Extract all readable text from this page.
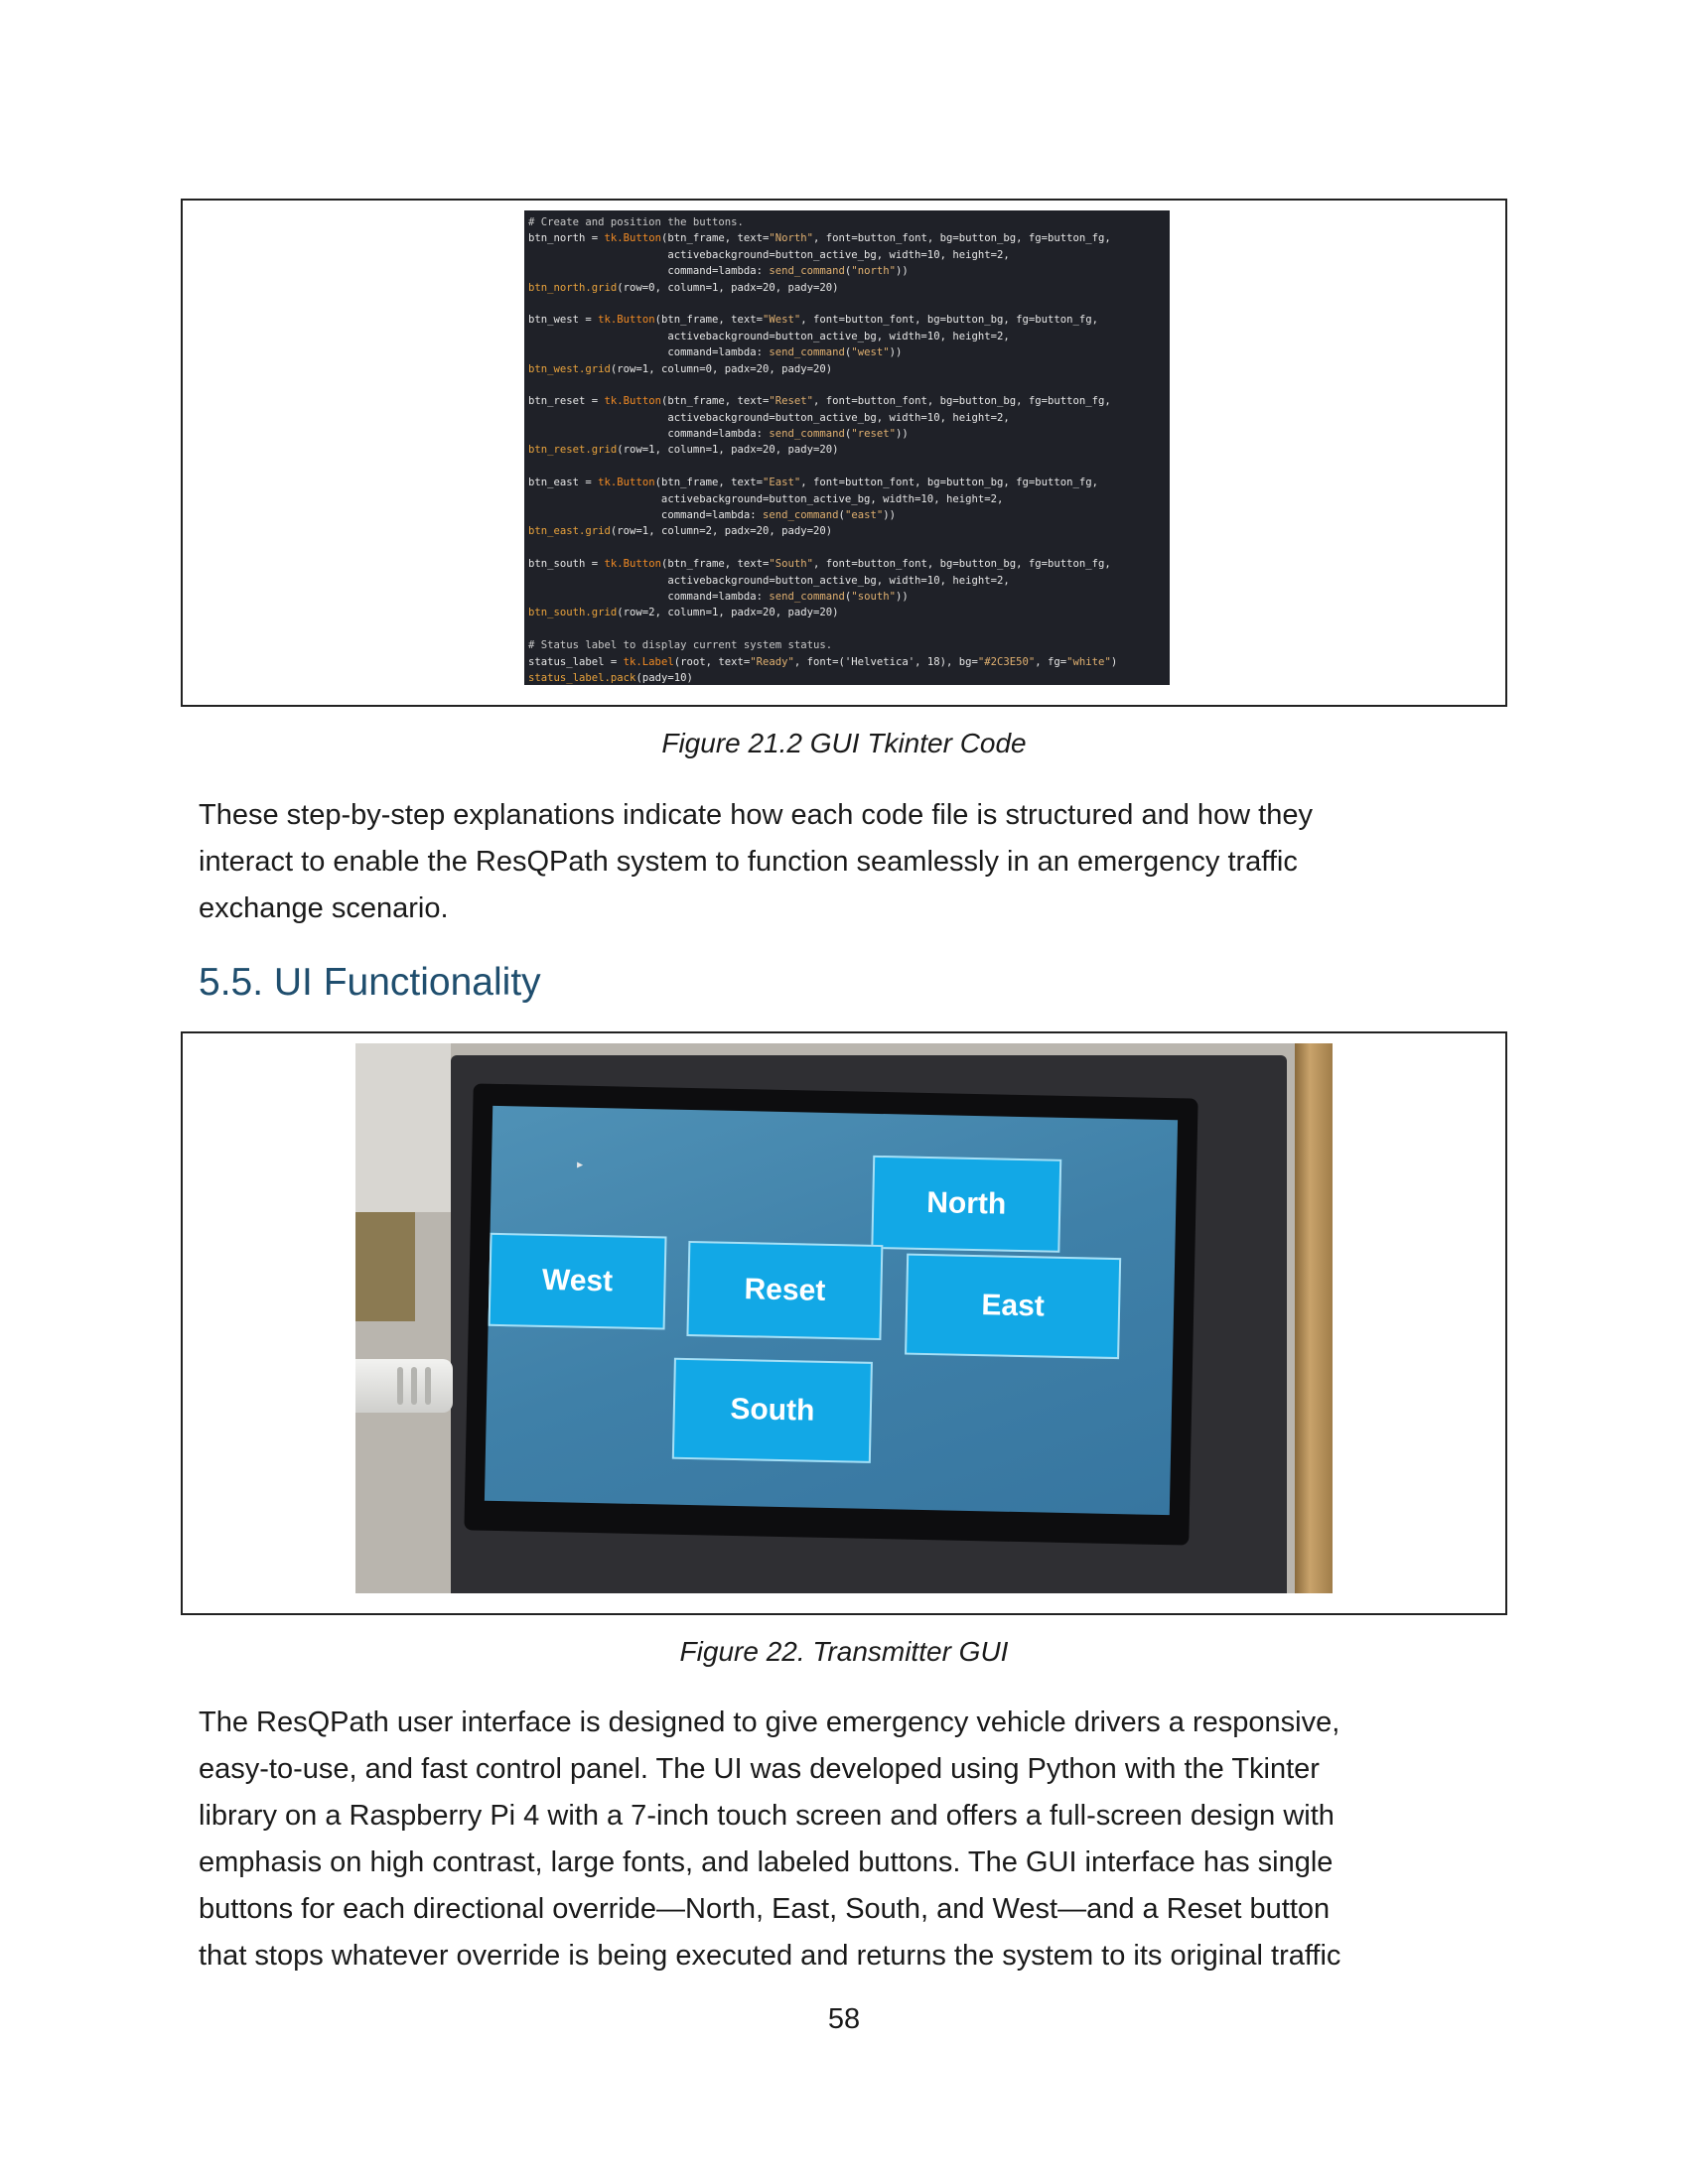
# Create and position the buttons.
btn_north = tk.Button(btn_frame, text="North", font=button_font, bg=button_bg, fg=button_fg,
activebackground=button_active_bg, width=10, height=2,
command=lambda: send_command("north"))
btn_north.grid(row=0, column=1, padx=20, pady=20)

btn_west = tk.Button(btn_frame, text="West", font=button_font, bg=button_bg, fg=button_fg,
activebackground=button_active_bg, width=10, height=2,
command=lambda: send_command("west"))
btn_west.grid(row=1, column=0, padx=20, pady=20)

btn_reset = tk.Button(btn_frame, text="Reset", font=button_font, bg=button_bg, fg=button_fg,
activebackground=button_active_bg, width=10, height=2,
command=lambda: send_command("reset"))
btn_reset.grid(row=1, column=1, padx=20, pady=20)

btn_east = tk.Button(btn_frame, text="East", font=button_font, bg=button_bg, fg=button_fg,
activebackground=button_active_bg, width=10, height=2,
command=lambda: send_command("east"))
btn_east.grid(row=1, column=2, padx=20, pady=20)

btn_south = tk.Button(btn_frame, text="South", font=button_font, bg=button_bg, fg=button_fg,
activebackground=button_active_bg, width=10, height=2,
command=lambda: send_command("south"))
btn_south.grid(row=2, column=1, padx=20, pady=20)

# Status label to display current system status.
status_label = tk.Label(root, text="Ready", font=('Helvetica', 18), bg="#2C3E50", fg="white")
status_label.pack(pady=10)
Figure 21.2 GUI Tkinter Code
These step-by-step explanations indicate how each code file is structured and how they
interact to enable the ResQPath system to function seamlessly in an emergency traffic
exchange scenario.
5.5. UI Functionality
▸
North
West	Reset	East
South
Figure 22. Transmitter GUI
The ResQPath user interface is designed to give emergency vehicle drivers a responsive,
easy-to-use, and fast control panel. The UI was developed using Python with the Tkinter
library on a Raspberry Pi 4 with a 7-inch touch screen and offers a full-screen design with
emphasis on high contrast, large fonts, and labeled buttons. The GUI interface has single
buttons for each directional override—North, East, South, and West—and a Reset button
that stops whatever override is being executed and returns the system to its original traffic
58
